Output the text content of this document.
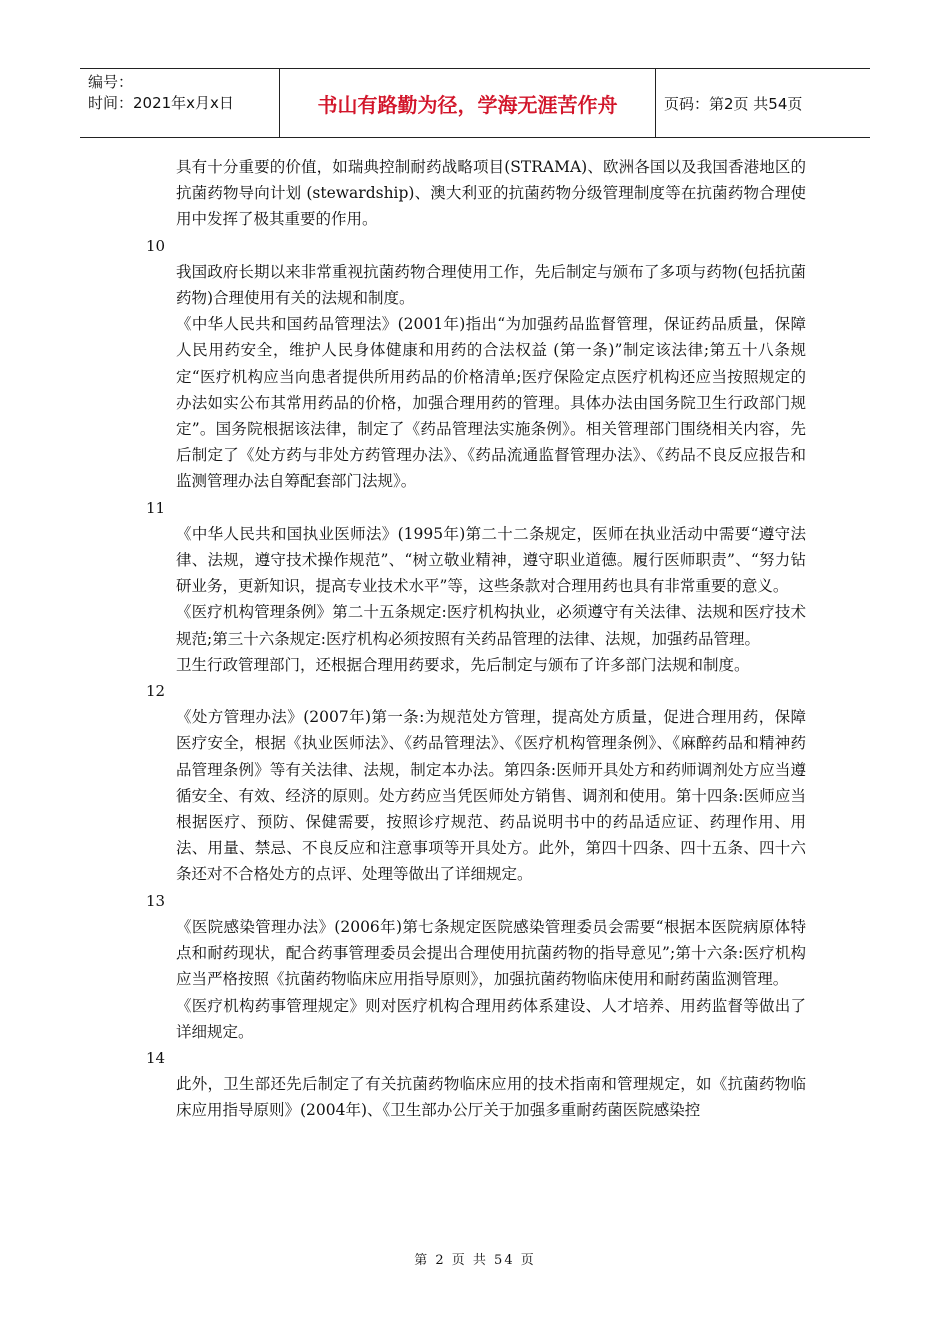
编号：
时间：2021年x月x日	书山有路勤为径，学海无涯苦作舟	页码：第2页 共54页

具有十分重要的价值，如瑞典控制耐药战略项目(STRAMA)、欧洲各国以及我国香港地区的抗菌药物导向计划 (stewardship)、澳大利亚的抗菌药物分级管理制度等在抗菌药物合理使用中发挥了极其重要的作用。

10

我国政府长期以来非常重视抗菌药物合理使用工作，先后制定与颁布了多项与药物(包括抗菌药物)合理使用有关的法规和制度。

《中华人民共和国药品管理法》(2001年)指出“为加强药品监督管理，保证药品质量，保障人民用药安全，维护人民身体健康和用药的合法权益 (第一条)”制定该法律;第五十八条规定“医疗机构应当向患者提供所用药品的价格清单;医疗保险定点医疗机构还应当按照规定的办法如实公布其常用药品的价格，加强合理用药的管理。具体办法由国务院卫生行政部门规定”。国务院根据该法律，制定了《药品管理法实施条例》。相关管理部门围绕相关内容，先后制定了《处方药与非处方药管理办法》、《药品流通监督管理办法》、《药品不良反应报告和监测管理办法自筹配套部门法规》。

11

《中华人民共和国执业医师法》(1995年)第二十二条规定，医师在执业活动中需要“遵守法律、法规，遵守技术操作规范”、“树立敬业精神，遵守职业道德。履行医师职责”、“努力钻研业务，更新知识，提高专业技术水平”等，这些条款对合理用药也具有非常重要的意义。

《医疗机构管理条例》第二十五条规定:医疗机构执业，必须遵守有关法律、法规和医疗技术规范;第三十六条规定:医疗机构必须按照有关药品管理的法律、法规，加强药品管理。

卫生行政管理部门，还根据合理用药要求，先后制定与颁布了许多部门法规和制度。

12

《处方管理办法》(2007年)第一条:为规范处方管理，提高处方质量，促进合理用药，保障医疗安全，根据《执业医师法》、《药品管理法》、《医疗机构管理条例》、《麻醉药品和精神药品管理条例》等有关法律、法规，制定本办法。第四条:医师开具处方和药师调剂处方应当遵循安全、有效、经济的原则。处方药应当凭医师处方销售、调剂和使用。第十四条:医师应当根据医疗、预防、保健需要，按照诊疗规范、药品说明书中的药品适应证、药理作用、用法、用量、禁忌、不良反应和注意事项等开具处方。此外，第四十四条、四十五条、四十六条还对不合格处方的点评、处理等做出了详细规定。

13

《医院感染管理办法》(2006年)第七条规定医院感染管理委员会需要“根据本医院病原体特点和耐药现状，配合药事管理委员会提出合理使用抗菌药物的指导意见”;第十六条:医疗机构应当严格按照《抗菌药物临床应用指导原则》，加强抗菌药物临床使用和耐药菌监测管理。

《医疗机构药事管理规定》则对医疗机构合理用药体系建设、人才培养、用药监督等做出了详细规定。

14

此外，卫生部还先后制定了有关抗菌药物临床应用的技术指南和管理规定，如《抗菌药物临床应用指导原则》(2004年)、《卫生部办公厅关于加强多重耐药菌医院感染控

第 2 页 共 54 页
